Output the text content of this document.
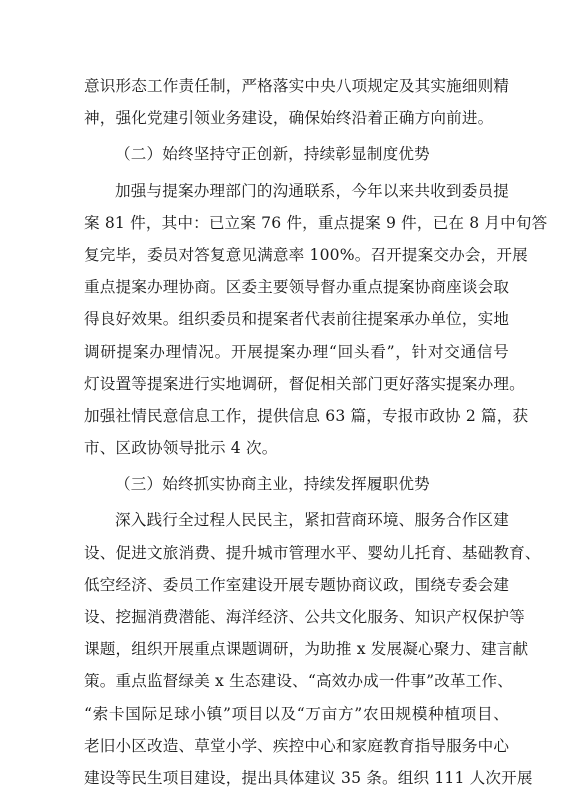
意识形态工作责任制，严格落实中央八项规定及其实施细则精
神，强化党建引领业务建设，确保始终沿着正确方向前进。
（二）始终坚持守正创新，持续彰显制度优势
加强与提案办理部门的沟通联系，今年以来共收到委员提
案 81 件，其中：已立案 76 件，重点提案 9 件，已在 8 月中旬答
复完毕，委员对答复意见满意率 100%。召开提案交办会，开展
重点提案办理协商。区委主要领导督办重点提案协商座谈会取
得良好效果。组织委员和提案者代表前往提案承办单位，实地
调研提案办理情况。开展提案办理“回头看”，针对交通信号
灯设置等提案进行实地调研，督促相关部门更好落实提案办理。
加强社情民意信息工作，提供信息 63 篇，专报市政协 2 篇，获
市、区政协领导批示 4 次。
（三）始终抓实协商主业，持续发挥履职优势
深入践行全过程人民民主，紧扣营商环境、服务合作区建
设、促进文旅消费、提升城市管理水平、婴幼儿托育、基础教育、
低空经济、委员工作室建设开展专题协商议政，围绕专委会建
设、挖掘消费潜能、海洋经济、公共文化服务、知识产权保护等
课题，组织开展重点课题调研，为助推 x 发展凝心聚力、建言献
策。重点监督绿美 x 生态建设、“高效办成一件事”改革工作、
“索卡国际足球小镇”项目以及“万亩方”农田规模种植项目、
老旧小区改造、草堂小学、疾控中心和家庭教育指导服务中心
建设等民生项目建设，提出具体建议 35 条。组织 111 人次开展
